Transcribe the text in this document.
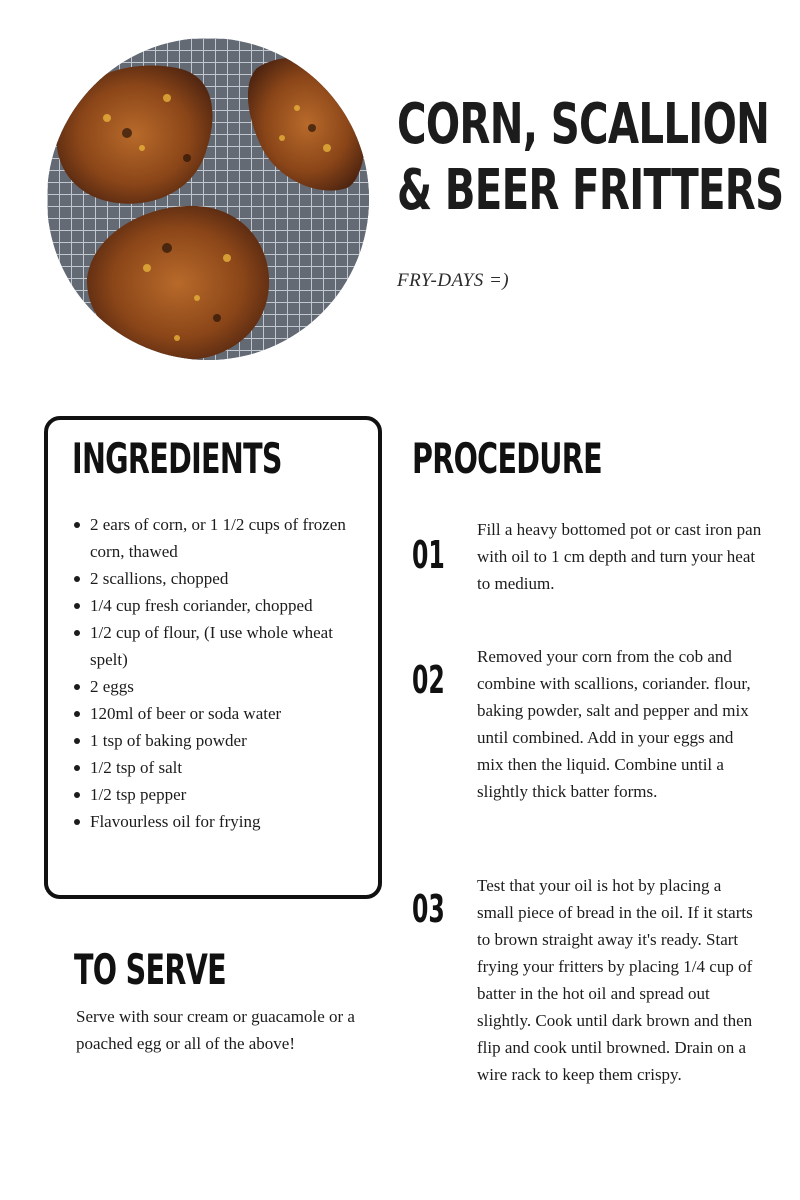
CORN, SCALLION
& BEER FRITTERS

FRY-DAYS =)

INGREDIENTS
2 ears of corn, or 1 1/2 cups of frozen corn, thawed
2 scallions, chopped
1/4 cup fresh coriander, chopped
1/2 cup of flour, (I use whole wheat spelt)
2 eggs
120ml of beer or soda water
1 tsp of baking powder
1/2 tsp of salt
1/2 tsp pepper
Flavourless oil for frying
TO SERVE

Serve with sour cream or guacamole or a poached egg or all of the above!

PROCEDURE

01

Fill a heavy bottomed pot or cast iron pan with oil to 1 cm depth and turn your heat to medium.

02

Removed your corn from the cob and combine with scallions, coriander. flour, baking powder, salt and pepper and mix until combined. Add in your eggs and mix then the liquid. Combine until a slightly thick batter forms.

03

Test that your oil is hot by placing a small piece of bread in the oil. If it starts to brown straight away it's ready. Start frying your fritters by placing 1/4 cup of batter in the hot oil and spread out slightly. Cook until dark brown and then flip and cook until browned. Drain on a wire rack to keep them crispy.
